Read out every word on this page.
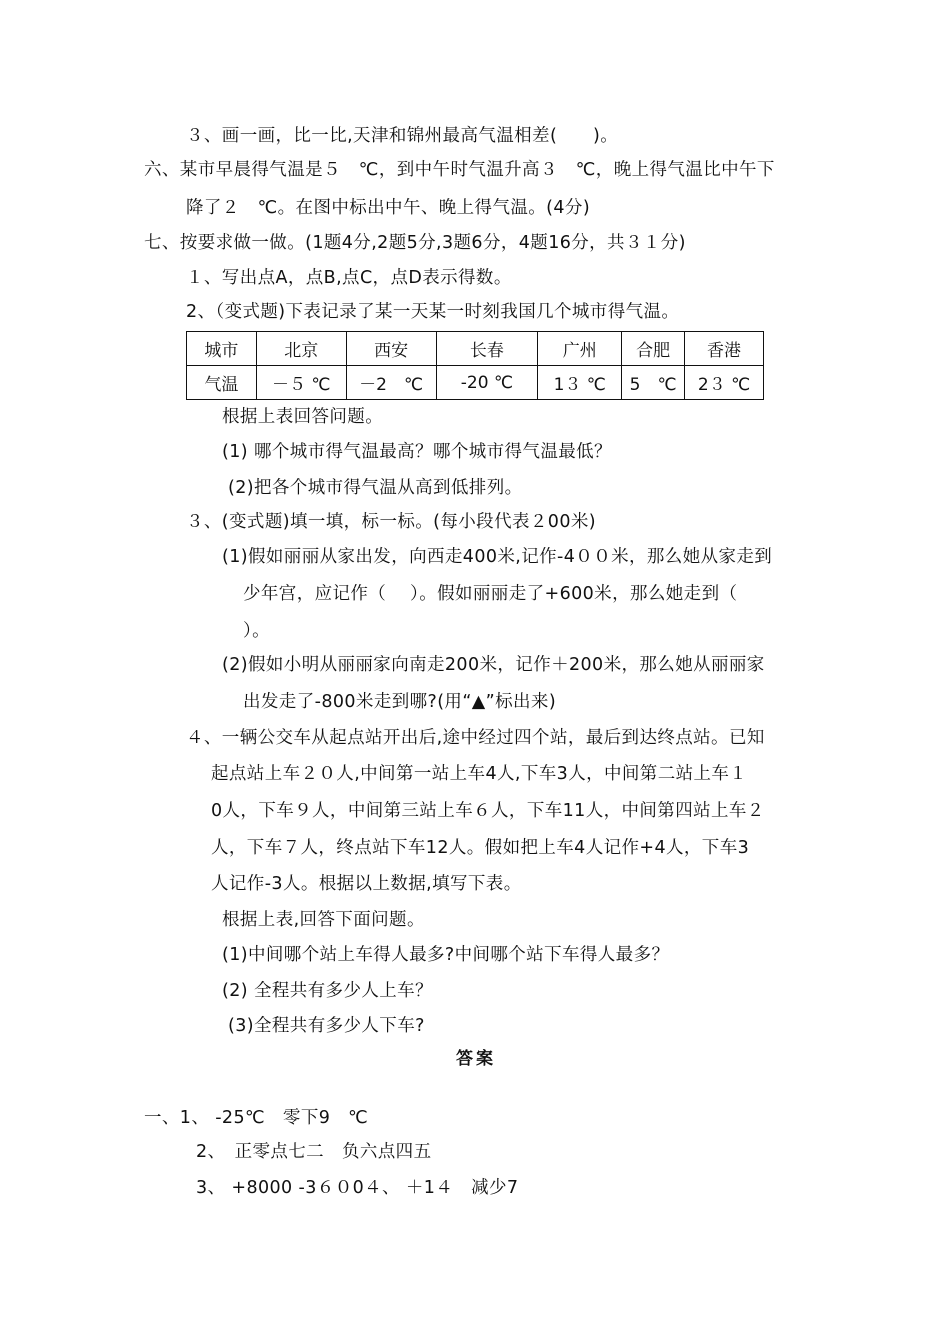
３、画一画，比一比,天津和锦州最高气温相差(　　)。
六、某市早晨得气温是５　℃，到中午时气温升高３　℃，晚上得气温比中午下
降了２　℃。在图中标出中午、晚上得气温。(4分)
七、按要求做一做。(1题4分,2题5分,3题6分，4题16分，共３１分)
１、写出点A，点B,点C，点D表示得数。
2、（变式题)下表记录了某一天某一时刻我国几个城市得气温。
城市	北京	西安	长春	广州	合肥	香港
气温	－５ ℃	－2　℃	-20 ℃	1３ ℃	5　℃	2３ ℃
根据上表回答问题。
(1) 哪个城市得气温最高？哪个城市得气温最低？
(2)把各个城市得气温从高到低排列。
３、(变式题)填一填，标一标。(每小段代表２00米)
(1)假如丽丽从家出发，向西走400米,记作-4００米，那么她从家走到
少年宫，应记作（　 ）。假如丽丽走了+600米，那么她走到（
）。
(2)假如小明从丽丽家向南走200米，记作＋200米，那么她从丽丽家
出发走了-800米走到哪?(用“▲”标出来)
４、一辆公交车从起点站开出后,途中经过四个站，最后到达终点站。已知
起点站上车２０人,中间第一站上车4人,下车3人，中间第二站上车１
0人，下车９人，中间第三站上车６人，下车11人，中间第四站上车２
人，下车７人，终点站下车12人。假如把上车4人记作+4人，下车3
人记作-3人。根据以上数据,填写下表。
根据上表,回答下面问题。
(1)中间哪个站上车得人最多?中间哪个站下车得人最多？
(2) 全程共有多少人上车？
(3)全程共有多少人下车?
答案
一、1、 -25℃　零下9　℃
2、　正零点七二　负六点四五
3、 +8000 -3６０0４、 ＋1４　减少7
